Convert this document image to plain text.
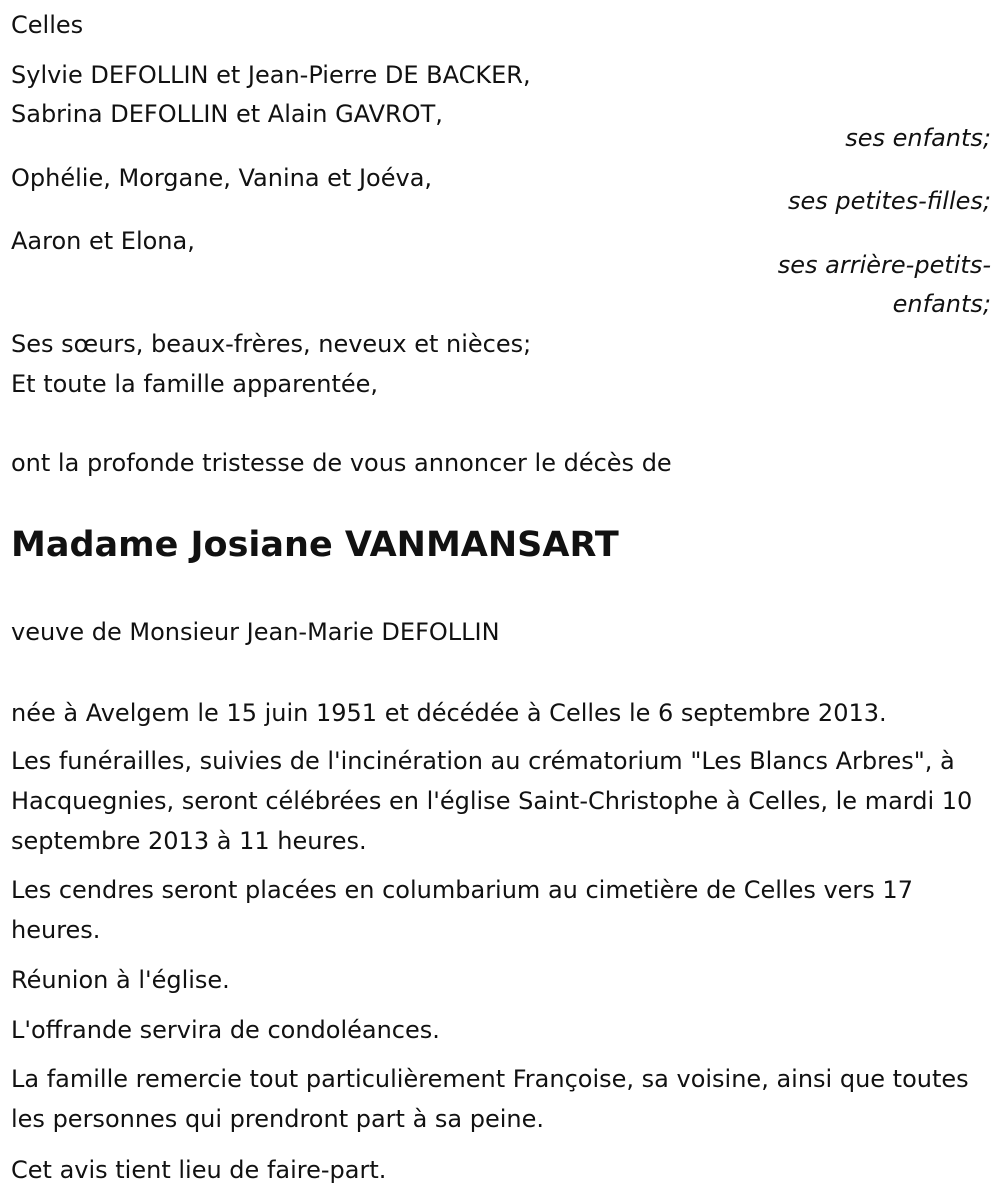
Celles
Sylvie DEFOLLIN et Jean-Pierre DE BACKER,
Sabrina DEFOLLIN et Alain GAVROT,
ses enfants;
Ophélie, Morgane, Vanina et Joéva,
ses petites-filles;
Aaron et Elona,
ses arrière-petits-
enfants;
Ses sœurs, beaux-frères, neveux et nièces;
Et toute la famille apparentée,
ont la profonde tristesse de vous annoncer le décès de
Madame Josiane VANMANSART
veuve de Monsieur Jean-Marie DEFOLLIN
née à Avelgem le 15 juin 1951 et décédée à Celles le 6 septembre 2013.
Les funérailles, suivies de l'incinération au crématorium "Les Blancs Arbres", à Hacquegnies, seront célébrées en l'église Saint-Christophe à Celles, le mardi 10 septembre 2013 à 11 heures.
Les cendres seront placées en columbarium au cimetière de Celles vers 17 heures.
Réunion à l'église.
L'offrande servira de condoléances.
La famille remercie tout particulièrement Françoise, sa voisine, ainsi que toutes les personnes qui prendront part à sa peine.
Cet avis tient lieu de faire-part.
